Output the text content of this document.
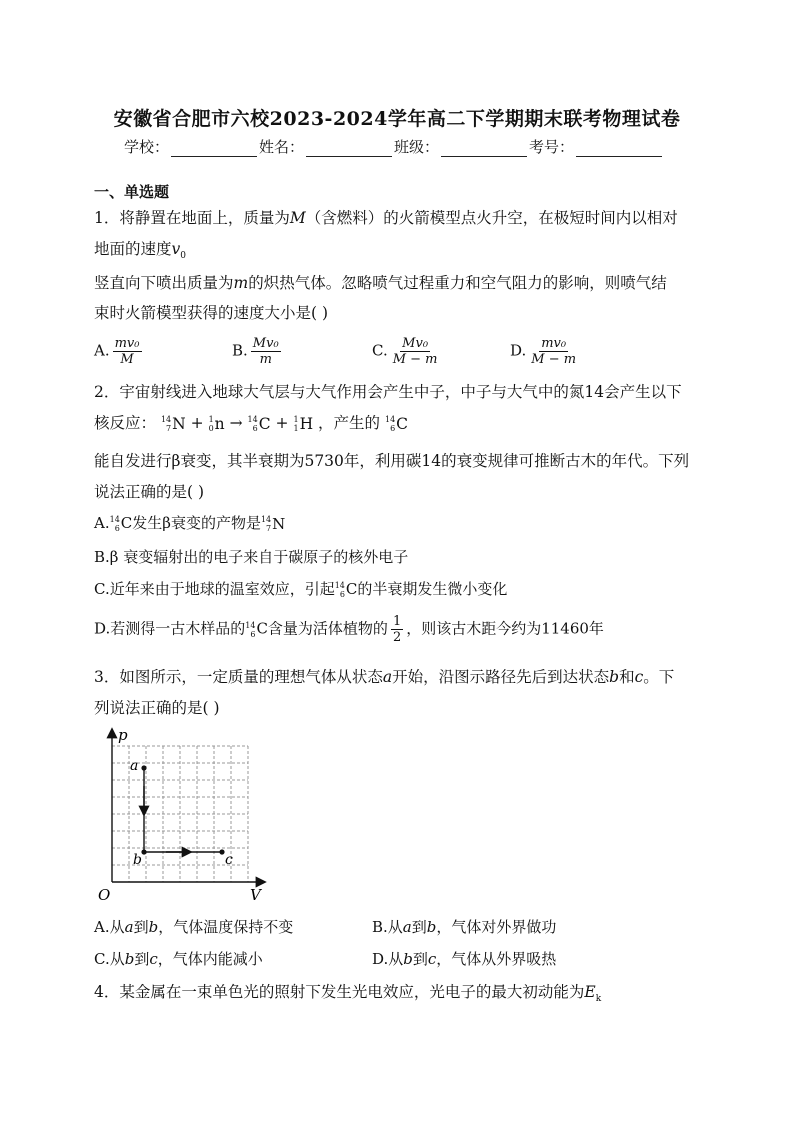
安徽省合肥市六校2023-2024学年高二下学期期末联考物理试卷
学校：	姓名：	班级：	考号：
一、单选题
1．将静置在地面上，质量为M（含燃料）的火箭模型点火升空，在极短时间内以相对
地面的速度$v_0$
竖直向下喷出质量为m的炽热气体。忽略喷气过程重力和空气阻力的影响，则喷气结
束时火箭模型获得的速度大小是( )
A. $\frac{\text{mv₀}}{M}$	B. $\frac{\text{Mv₀}}{m}$	C. $\frac{\text{Mv₀}}{M - m}$	D. $\frac{\text{mv₀}}{M - m}$
2．宇宙射线进入地球大气层与大气作用会产生中子，中子与大气中的氮14会产生以下
核反应： 14
7 N + 1
0 n → 14
6 C + 1
1 H ，产生的 14
6 C
能自发进行β衰变，其半衰期为5730年，利用碳14的衰变规律可推断古木的年代。下列
说法正确的是( )
A. 14
6 C发生β衰变的产物是 14
7 N
B.β 衰变辐射出的电子来自于碳原子的核外电子
C.近年来由于地球的温室效应，引起 14
6 C的半衰期发生微小变化
D.若测得一古木样品的 14
6 C含量为活体植物的 $\frac{1}{2}$ ，则该古木距今约为11460年
3．如图所示，一定质量的理想气体从状态a开始，沿图示路径先后到达状态b和c。下
列说法正确的是( )
p
V
O
a
b	c
A.从a到b，气体温度保持不变	B.从a到b，气体对外界做功
C.从b到c，气体内能减小	D.从b到c，气体从外界吸热
4．某金属在一束单色光的照射下发生光电效应，光电子的最大初动能为$E_k$
